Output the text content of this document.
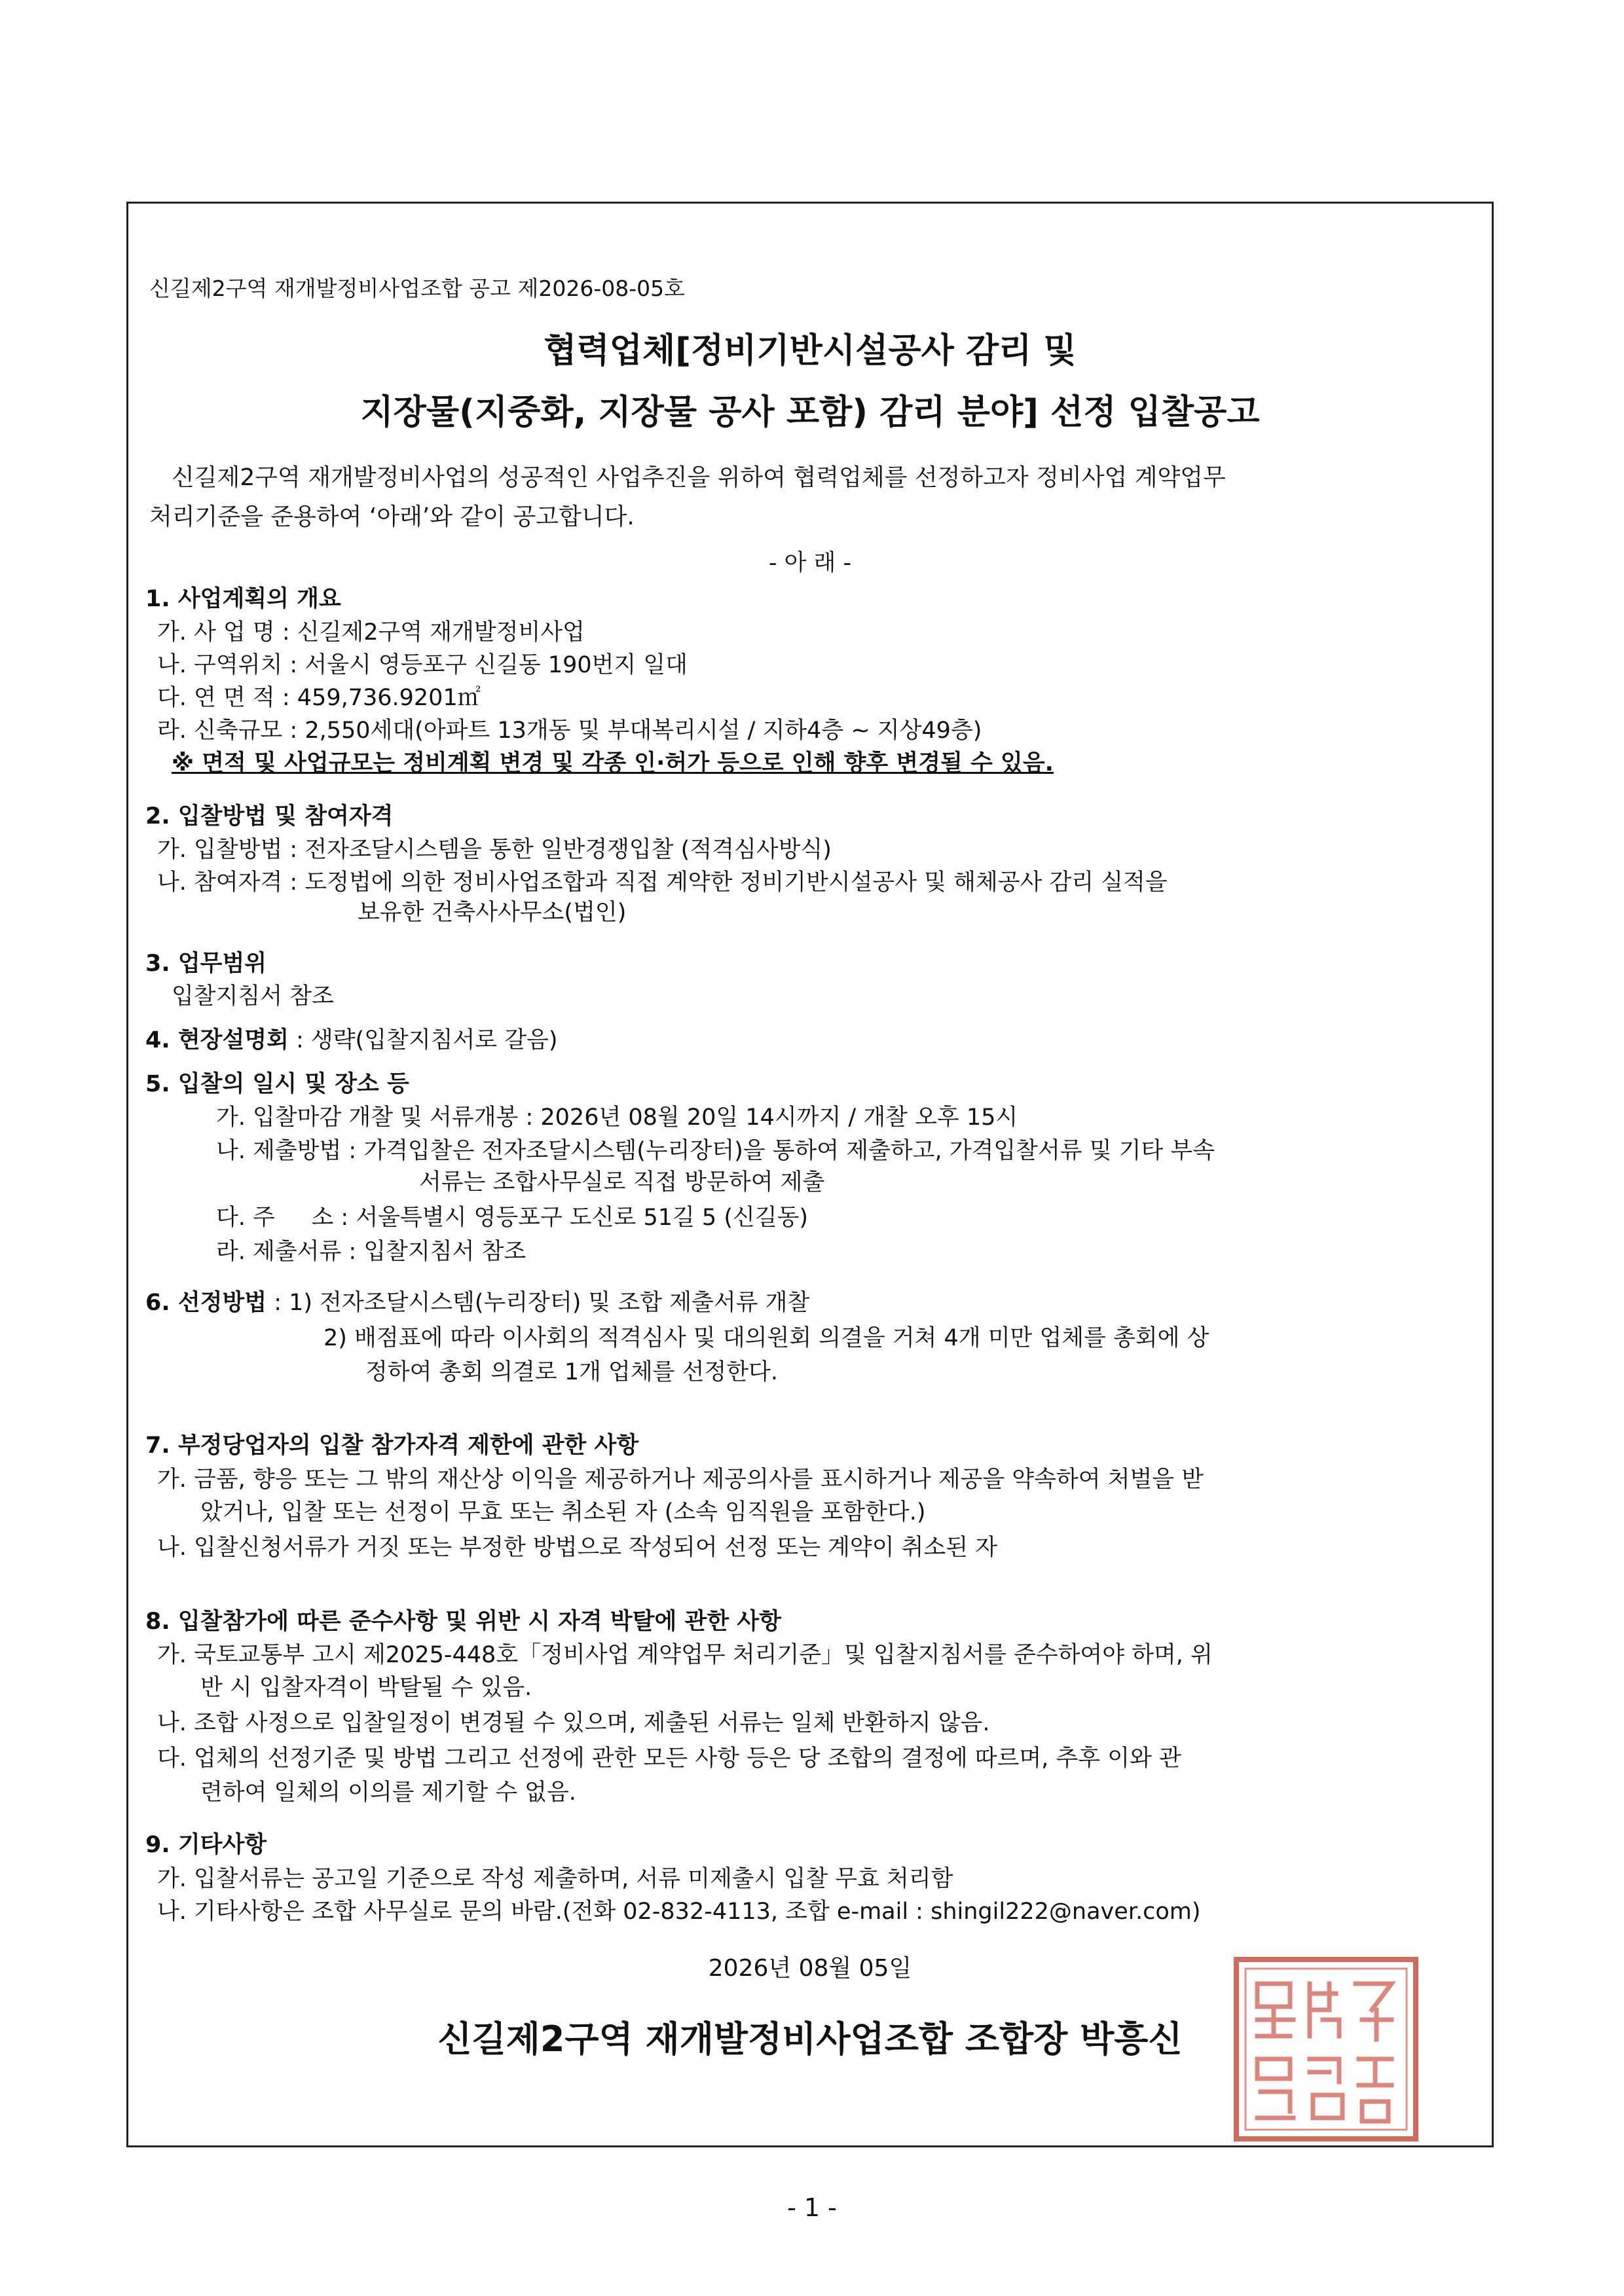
신길제2구역 재개발정비사업조합 공고 제2026-08-05호
협력업체[정비기반시설공사 감리 및
지장물(지중화, 지장물 공사 포함) 감리 분야] 선정 입찰공고
신길제2구역 재개발정비사업의 성공적인 사업추진을 위하여 협력업체를 선정하고자 정비사업 계약업무
처리기준을 준용하여 ‘아래’와 같이 공고합니다.
- 아 래 -
1. 사업계획의 개요
가. 사 업 명 : 신길제2구역 재개발정비사업
나. 구역위치 : 서울시 영등포구 신길동 190번지 일대
다. 연 면 적 : 459,736.9201㎡
라. 신축규모 : 2,550세대(아파트 13개동 및 부대복리시설 / 지하4층 ~ 지상49층)
※ 면적 및 사업규모는 정비계획 변경 및 각종 인·허가 등으로 인해 향후 변경될 수 있음.
2. 입찰방법 및 참여자격
가. 입찰방법 : 전자조달시스템을 통한 일반경쟁입찰 (적격심사방식)
나. 참여자격 : 도정법에 의한 정비사업조합과 직접 계약한 정비기반시설공사 및 해체공사 감리 실적을
보유한 건축사사무소(법인)
3. 업무범위
입찰지침서 참조
4. 현장설명회 : 생략(입찰지침서로 갈음)
5. 입찰의 일시 및 장소 등
가. 입찰마감 개찰 및 서류개봉 : 2026년 08월 20일 14시까지 / 개찰 오후 15시
나. 제출방법 : 가격입찰은 전자조달시스템(누리장터)을 통하여 제출하고, 가격입찰서류 및 기타 부속
서류는 조합사무실로 직접 방문하여 제출
다. 주     소 : 서울특별시 영등포구 도신로 51길 5 (신길동)
라. 제출서류 : 입찰지침서 참조
6. 선정방법 : 1) 전자조달시스템(누리장터) 및 조합 제출서류 개찰
2) 배점표에 따라 이사회의 적격심사 및 대의원회 의결을 거쳐 4개 미만 업체를 총회에 상
정하여 총회 의결로 1개 업체를 선정한다.
7. 부정당업자의 입찰 참가자격 제한에 관한 사항
가. 금품, 향응 또는 그 밖의 재산상 이익을 제공하거나 제공의사를 표시하거나 제공을 약속하여 처벌을 받
았거나, 입찰 또는 선정이 무효 또는 취소된 자 (소속 임직원을 포함한다.)
나. 입찰신청서류가 거짓 또는 부정한 방법으로 작성되어 선정 또는 계약이 취소된 자
8. 입찰참가에 따른 준수사항 및 위반 시 자격 박탈에 관한 사항
가. 국토교통부 고시 제2025-448호「정비사업 계약업무 처리기준」및 입찰지침서를 준수하여야 하며, 위
반 시 입찰자격이 박탈될 수 있음.
나. 조합 사정으로 입찰일정이 변경될 수 있으며, 제출된 서류는 일체 반환하지 않음.
다. 업체의 선정기준 및 방법 그리고 선정에 관한 모든 사항 등은 당 조합의 결정에 따르며, 추후 이와 관
련하여 일체의 이의를 제기할 수 없음.
9. 기타사항
가. 입찰서류는 공고일 기준으로 작성 제출하며, 서류 미제출시 입찰 무효 처리함
나. 기타사항은 조합 사무실로 문의 바람.(전화 02-832-4113, 조합 e-mail : shingil222@naver.com)
2026년 08월 05일
신길제2구역 재개발정비사업조합 조합장 박흥신
- 1 -
